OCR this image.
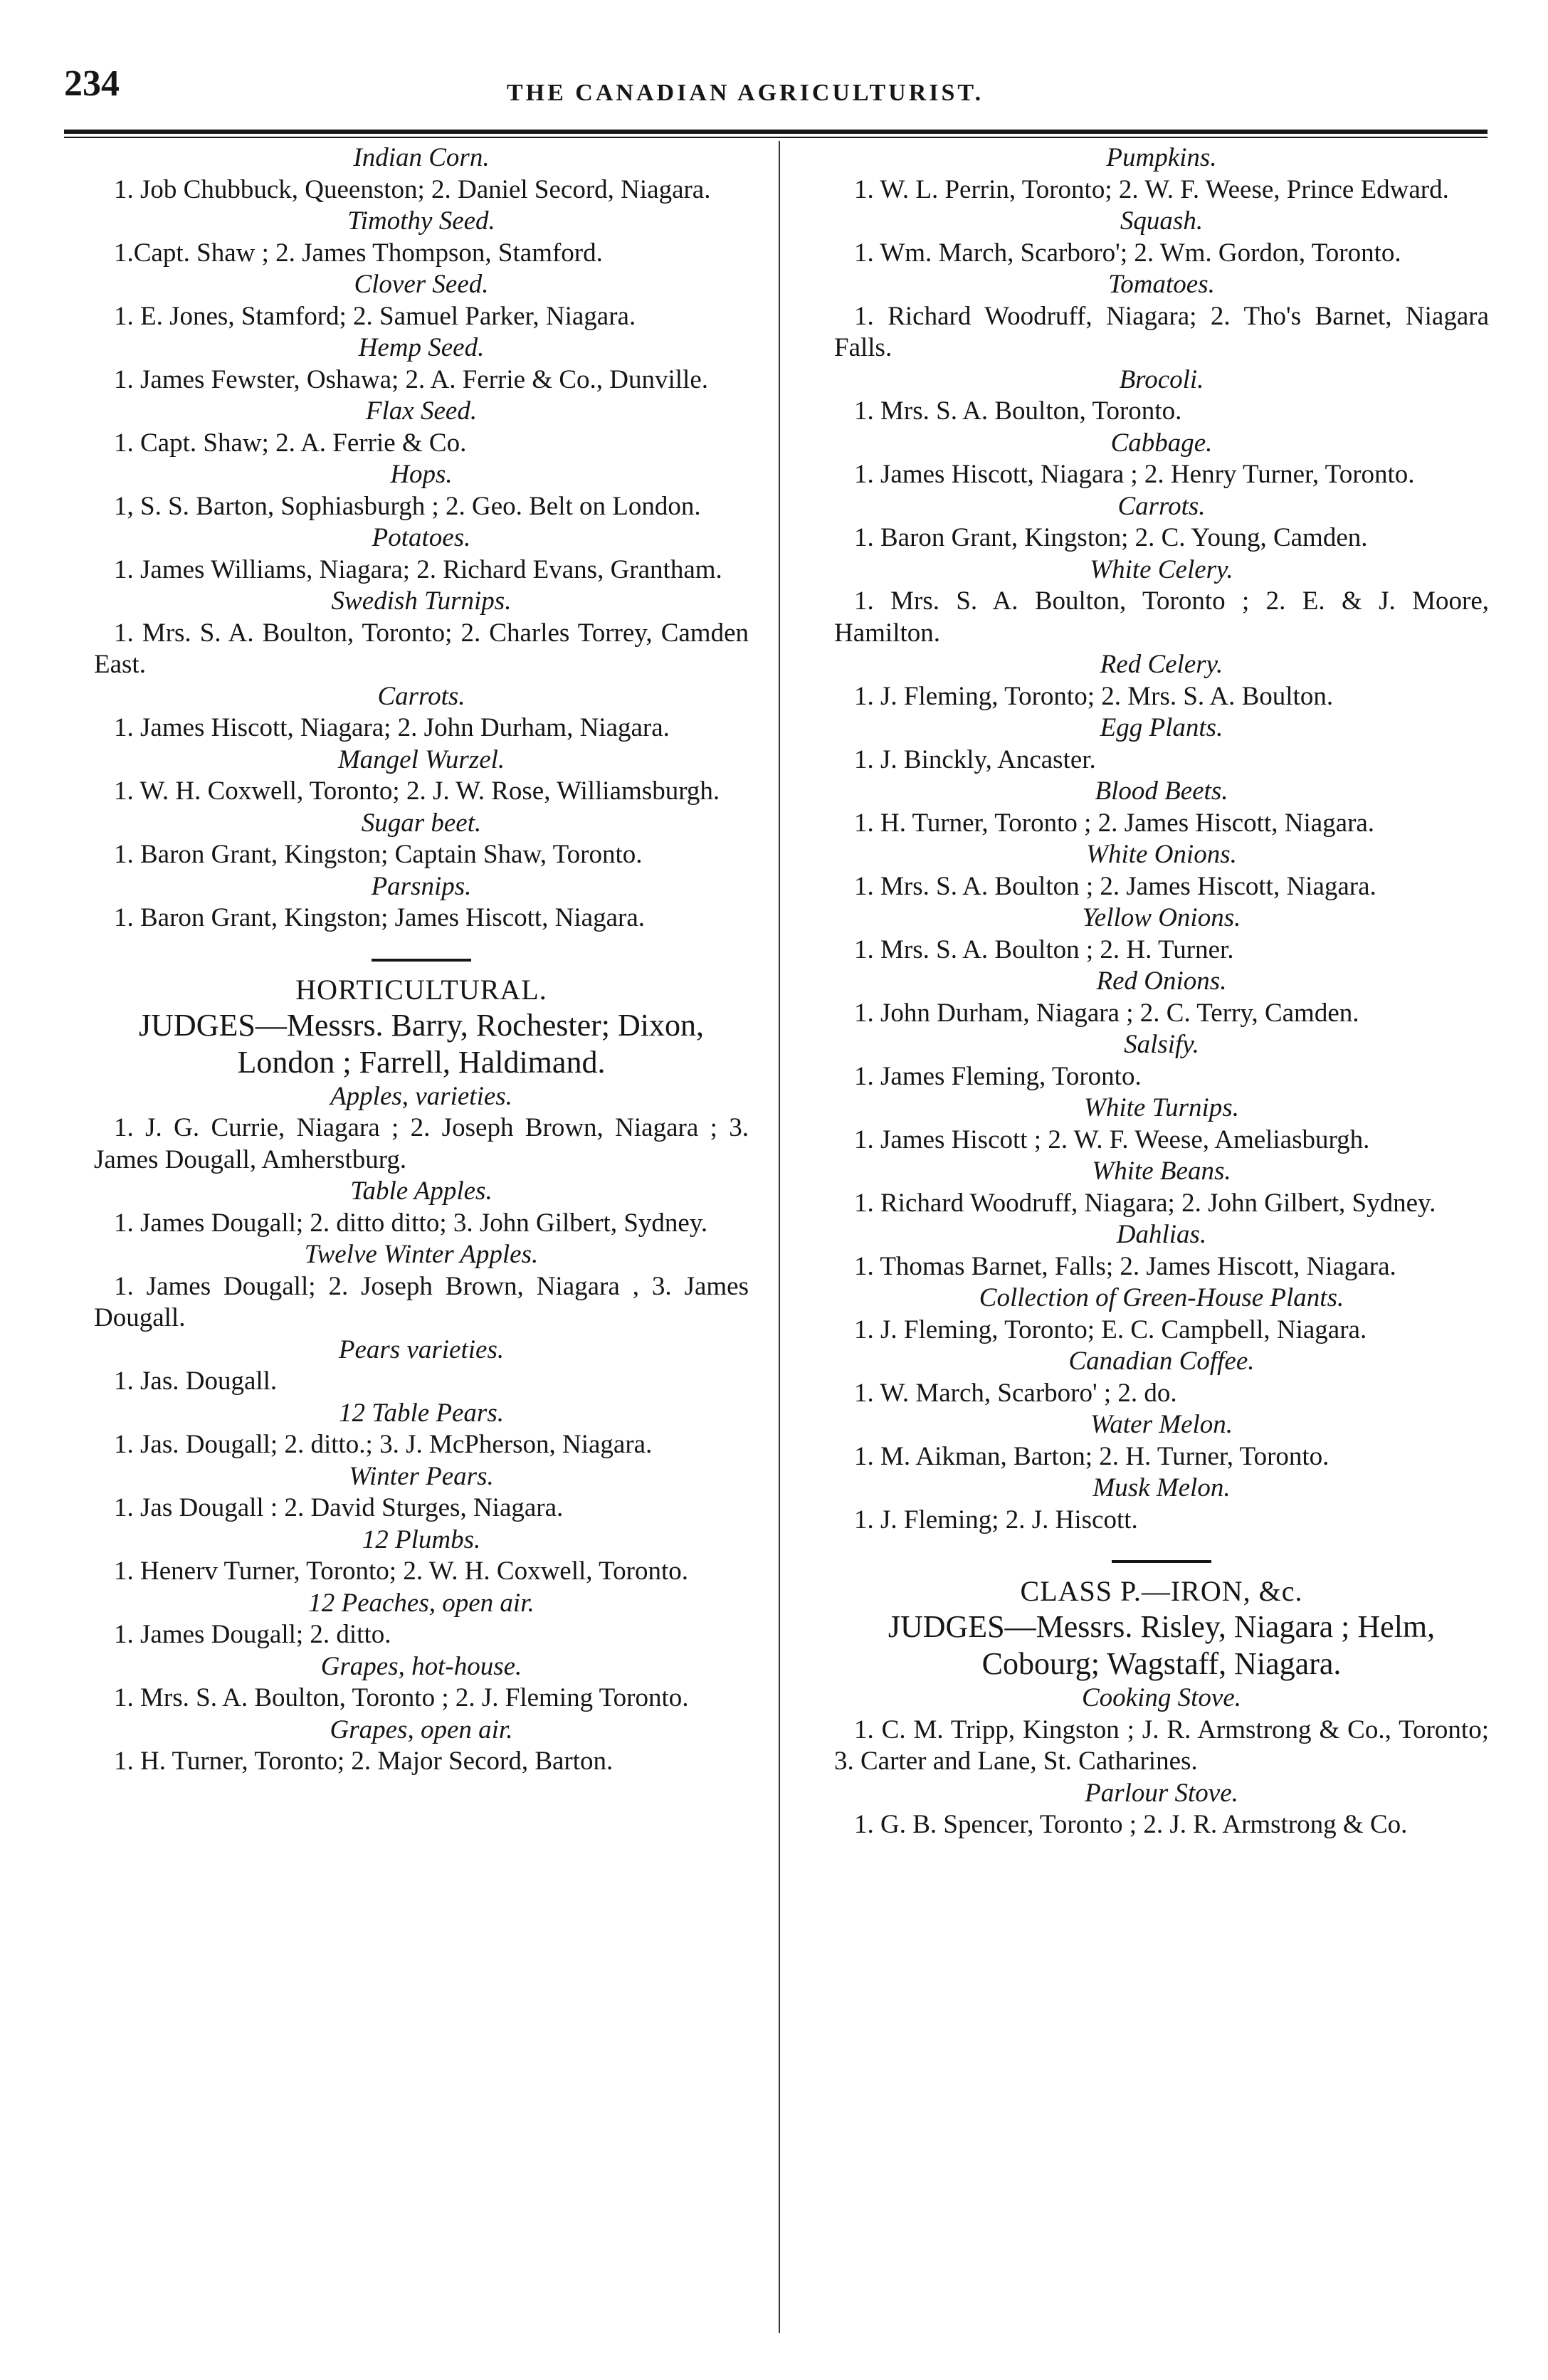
234	THE CANADIAN AGRICULTURIST.

Indian Corn.

1. Job Chubbuck, Queenston; 2. Daniel Secord, Niagara.

Timothy Seed.

1.Capt. Shaw ; 2. James Thompson, Stamford.

Clover Seed.

1. E. Jones, Stamford; 2. Samuel Parker, Niagara.

Hemp Seed.

1. James Fewster, Oshawa; 2. A. Ferrie & Co., Dunville.

Flax Seed.

1. Capt. Shaw; 2. A. Ferrie & Co.

Hops.

1, S. S. Barton, Sophiasburgh ; 2. Geo. Belt on London.

Potatoes.

1. James Williams, Niagara; 2. Richard Evans, Grantham.

Swedish Turnips.

1. Mrs. S. A. Boulton, Toronto; 2. Charles Torrey, Camden East.

Carrots.

1. James Hiscott, Niagara; 2. John Durham, Niagara.

Mangel Wurzel.

1. W. H. Coxwell, Toronto; 2. J. W. Rose, Williamsburgh.

Sugar beet.

1. Baron Grant, Kingston; Captain Shaw, Toronto.

Parsnips.

1. Baron Grant, Kingston; James Hiscott, Niagara.

HORTICULTURAL.
JUDGES—Messrs. Barry, Rochester; Dixon, London ; Farrell, Haldimand.

Apples, varieties.

1. J. G. Currie, Niagara ; 2. Joseph Brown, Niagara ; 3. James Dougall, Amherstburg.

Table Apples.

1. James Dougall; 2. ditto ditto; 3. John Gilbert, Sydney.

Twelve Winter Apples.

1. James Dougall; 2. Joseph Brown, Niagara , 3. James Dougall.

Pears varieties.

1. Jas. Dougall.

12 Table Pears.

1. Jas. Dougall; 2. ditto.; 3. J. McPherson, Niagara.

Winter Pears.

1. Jas Dougall : 2. David Sturges, Niagara.

12 Plumbs.

1. Henerv Turner, Toronto; 2. W. H. Coxwell, Toronto.

12 Peaches, open air.

1. James Dougall; 2. ditto.

Grapes, hot-house.

1. Mrs. S. A. Boulton, Toronto ; 2. J. Fleming Toronto.

Grapes, open air.

1. H. Turner, Toronto; 2. Major Secord, Barton.

Pumpkins.

1. W. L. Perrin, Toronto; 2. W. F. Weese, Prince Edward.

Squash.

1. Wm. March, Scarboro'; 2. Wm. Gordon, Toronto.

Tomatoes.

1. Richard Woodruff, Niagara; 2. Tho's Barnet, Niagara Falls.

Brocoli.

1. Mrs. S. A. Boulton, Toronto.

Cabbage.

1. James Hiscott, Niagara ; 2. Henry Turner, Toronto.

Carrots.

1. Baron Grant, Kingston; 2. C. Young, Camden.

White Celery.

1. Mrs. S. A. Boulton, Toronto ; 2. E. & J. Moore, Hamilton.

Red Celery.

1. J. Fleming, Toronto; 2. Mrs. S. A. Boulton.

Egg Plants.

1. J. Binckly, Ancaster.

Blood Beets.

1. H. Turner, Toronto ; 2. James Hiscott, Niagara.

White Onions.

1. Mrs. S. A. Boulton ; 2. James Hiscott, Niagara.

Yellow Onions.

1. Mrs. S. A. Boulton ; 2. H. Turner.

Red Onions.

1. John Durham, Niagara ; 2. C. Terry, Camden.

Salsify.

1. James Fleming, Toronto.

White Turnips.

1. James Hiscott ; 2. W. F. Weese, Ameliasburgh.

White Beans.

1. Richard Woodruff, Niagara; 2. John Gilbert, Sydney.

Dahlias.

1. Thomas Barnet, Falls; 2. James Hiscott, Niagara.

Collection of Green-House Plants.

1. J. Fleming, Toronto; E. C. Campbell, Niagara.

Canadian Coffee.

1. W. March, Scarboro' ; 2. do.

Water Melon.

1. M. Aikman, Barton; 2. H. Turner, Toronto.

Musk Melon.

1. J. Fleming; 2. J. Hiscott.

CLASS P.—IRON, &c.
JUDGES—Messrs. Risley, Niagara ; Helm, Cobourg; Wagstaff, Niagara.

Cooking Stove.

1. C. M. Tripp, Kingston ; J. R. Armstrong & Co., Toronto; 3. Carter and Lane, St. Catharines.

Parlour Stove.

1. G. B. Spencer, Toronto ; 2. J. R. Armstrong & Co.
